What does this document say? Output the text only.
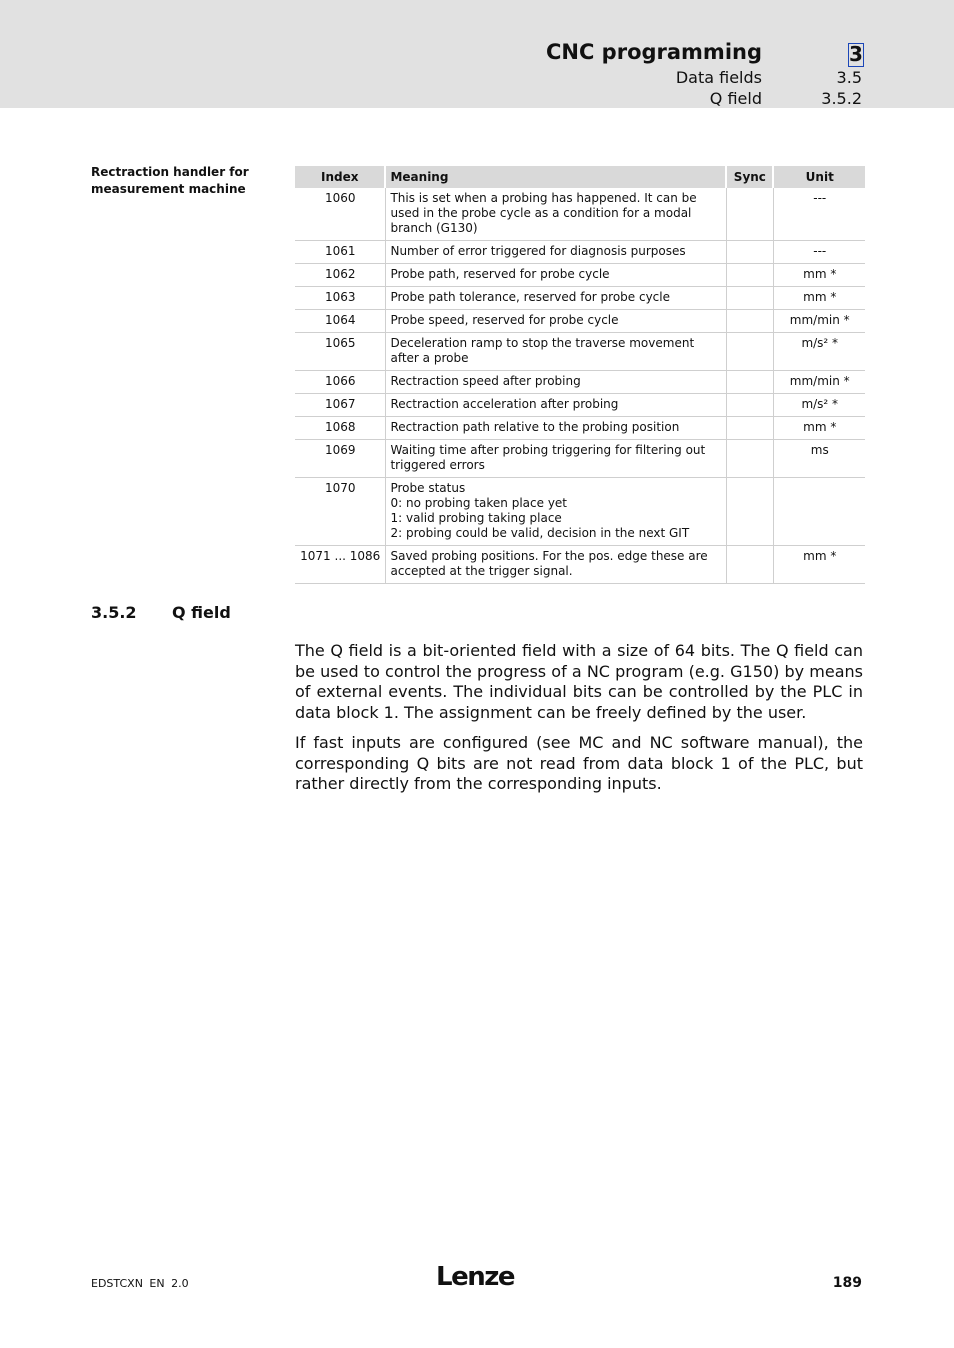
CNC programming	3
Data fields	3.5
Q field	3.5.2
Rectraction handler for measurement machine
Index	Meaning	Sync	Unit
1060	This is set when a probing has happened. It can be used in the probe cycle as a condition for a modal branch (G130)		---
1061	Number of error triggered for diagnosis purposes		---
1062	Probe path, reserved for probe cycle		mm *
1063	Probe path tolerance, reserved for probe cycle		mm *
1064	Probe speed, reserved for probe cycle		mm/min *
1065	Deceleration ramp to stop the traverse movement after a probe		m/s² *
1066	Rectraction speed after probing		mm/min *
1067	Rectraction acceleration after probing		m/s² *
1068	Rectraction path relative to the probing position		mm *
1069	Waiting time after probing triggering for filtering out triggered errors		ms
1070	Probe status
0: no probing taken place yet
1: valid probing taking place
2: probing could be valid, decision in the next GIT		
1071 ... 1086	Saved probing positions. For the pos. edge these are accepted at the trigger signal.		mm *
3.5.2 Q field
The Q field is a bit-oriented field with a size of 64 bits. The Q field can be used to control the progress of a NC program (e.g. G150) by means of external events. The individual bits can be controlled by the PLC in data block 1. The assignment can be freely defined by the user.
If fast inputs are configured (see MC and NC software manual), the corresponding Q bits are not read from data block 1 of the PLC, but rather directly from the corresponding inputs.
EDSTCXN EN 2.0	Lenze	189
